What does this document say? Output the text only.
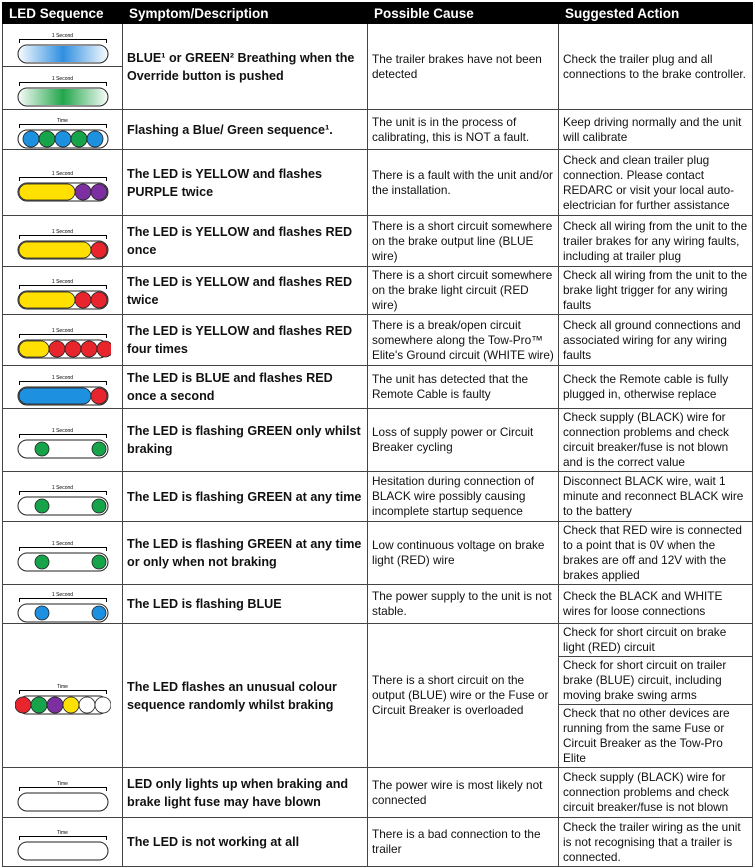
LED Sequence	Symptom/Description	Possible Cause	Suggested Action

1 Second
1 Second	BLUE¹ or GREEN² Breathing when the Override button is pushed	The trailer brakes have not been detected	Check the trailer plug and all connections to the brake controller.

Time	Flashing a Blue/ Green sequence¹.	The unit is in the process of calibrating, this is NOT a fault.	Keep driving normally and the unit will calibrate

1 Second	The LED is YELLOW and flashes PURPLE twice	There is a fault with the unit and/or the installation.	Check and clean trailer plug connection. Please contact REDARC or visit your local auto-electrician for further assistance

1 Second	The LED is YELLOW and flashes RED once	There is a short circuit somewhere on the brake output line (BLUE wire)	Check all wiring from the unit to the trailer brakes for any wiring faults, including at trailer plug

1 Second	The LED is YELLOW and flashes RED twice	There is a short circuit somewhere on the brake light circuit (RED wire)	Check all wiring from the unit to the brake light trigger for any wiring faults

1 Second	The LED is YELLOW and flashes RED four times	There is a break/open circuit somewhere along the Tow-Pro™ Elite's Ground circuit (WHITE wire)	Check all ground connections and associated wiring for any wiring faults

1 Second	The LED is BLUE and flashes RED once a second	The unit has detected that the Remote Cable is faulty	Check the Remote cable is fully plugged in, otherwise replace

1 Second	The LED is flashing GREEN only whilst braking	Loss of supply power or Circuit Breaker cycling	Check supply (BLACK) wire for connection problems and check circuit breaker/fuse is not blown and is the correct value

1 Second	The LED is flashing GREEN at any time	Hesitation during connection of BLACK wire possibly causing incomplete startup sequence	Disconnect BLACK wire, wait 1 minute and reconnect BLACK wire to the battery

1 Second	The LED is flashing GREEN at any time or only when not braking	Low continuous voltage on brake light (RED) wire	Check that RED wire is connected to a point that is 0V when the brakes are off and 12V with the brakes applied

1 Second	The LED is flashing BLUE	The power supply to the unit is not stable.	Check the BLACK and WHITE wires for loose connections

Time	The LED flashes an unusual colour sequence randomly whilst braking	There is a short circuit on the output (BLUE) wire or the Fuse or Circuit Breaker is overloaded	Check for short circuit on brake light (RED) circuit
Check for short circuit on trailer brake (BLUE) circuit, including moving brake swing arms
Check that no other devices are running from the same Fuse or Circuit Breaker as the Tow-Pro Elite

Time	LED only lights up when braking and brake light fuse may have blown	The power wire is most likely not connected	Check supply (BLACK) wire for connection problems and check circuit breaker/fuse is not blown

Time	The LED is not working at all	There is a bad connection to the trailer	Check the trailer wiring as the unit is not recognising that a trailer is connected.
